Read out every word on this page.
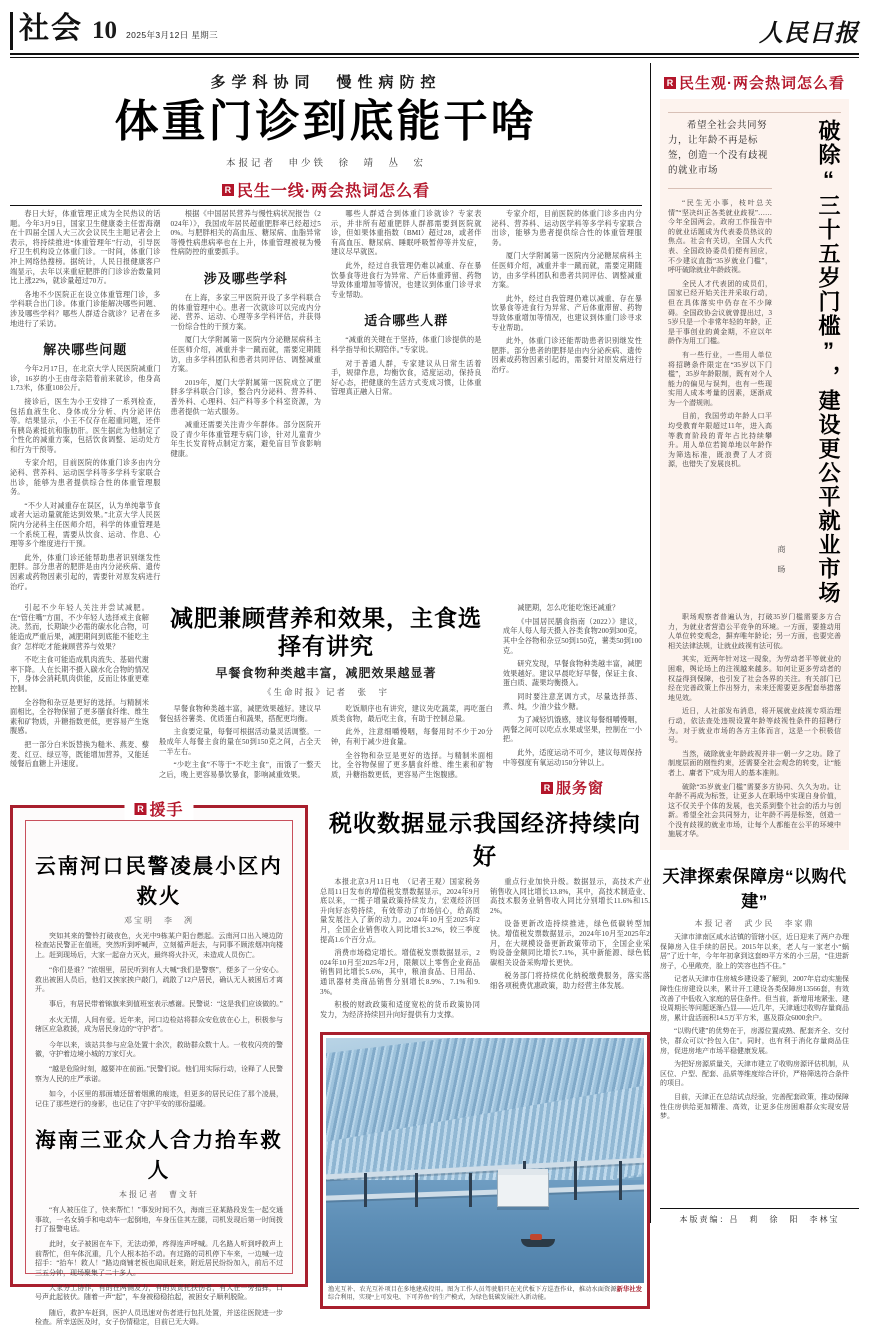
社会 10 2025年3月12日 星期三	人民日报
多学科协同　慢性病防控
体重门诊到底能干啥
本报记者　申少铁　徐　靖　丛　宏
R 民生一线·两会热词怎么看

春日大好，体重管理正成为全民热议的话题。今年3月9日，国家卫生健康委主任雷海潮在十四届全国人大三次会议民生主题记者会上表示，将持续推进“体重管理年”行动，引导医疗卫生机构设立体重门诊。一时间，体重门诊冲上网络热搜榜。据统计，人民日报健康客户端显示，去年以来重症肥胖的门诊诊治数量同比上涨22%，就诊量超过70万。

各地不少医院正在设立体重管理门诊，多学科联合出门诊。体重门诊能解决哪些问题、涉及哪些学科？哪些人群适合就诊？记者在多地进行了采访。

解决哪些问题

今年2月17日，在北京大学人民医院减重门诊，16岁的小王由母亲陪着前来就诊，他身高1.73米，体重108公斤。

接诊后，医生为小王安排了一系列检查，包括血液生化、身体成分分析、内分泌评估等。结果显示，小王不仅存在超重问题，还伴有胰岛素抵抗和脂肪肝。医生据此为他制定了个性化的减重方案，包括饮食调整、运动处方和行为干预等。

专家介绍，目前医院的体重门诊多由内分泌科、营养科、运动医学科等多学科专家联合出诊，能够为患者提供综合性的体重管理服务。

“不少人对减重存在误区，认为单纯靠节食或者大运动量就能达到效果。”北京大学人民医院内分泌科主任医师介绍，科学的体重管理是一个系统工程，需要从饮食、运动、作息、心理等多个维度进行干预。

此外，体重门诊还能帮助患者识别继发性肥胖。部分患者的肥胖是由内分泌疾病、遗传因素或药物因素引起的，需要针对原发病进行治疗。

根据《中国居民营养与慢性病状况报告（2024年）》，我国成年居民超重肥胖率已经超过50%。与肥胖相关的高血压、糖尿病、血脂异常等慢性病患病率也在上升，体重管理被视为慢性病防控的重要抓手。

涉及哪些学科

在上海，多家三甲医院开设了多学科联合的体重管理中心。患者一次就诊可以完成内分泌、营养、运动、心理等多学科评估，并获得一份综合性的干预方案。

厦门大学附属第一医院内分泌糖尿病科主任医师介绍，减重并非一蹴而就，需要定期随访，由多学科团队和患者共同评估、调整减重方案。

2019年，厦门大学附属第一医院成立了肥胖多学科联合门诊，整合内分泌科、营养科、普外科、心理科、妇产科等多个科室资源，为患者提供一站式服务。

减重还需要关注青少年群体。部分医院开设了青少年体重管理专病门诊，针对儿童青少年生长发育特点制定方案，避免盲目节食影响健康。

哪些人群适合到体重门诊就诊？专家表示，并非所有超重肥胖人群都需要到医院就诊，但如果体重指数（BMI）超过28，或者伴有高血压、糖尿病、睡眠呼吸暂停等并发症，建议尽早就医。

此外，经过自我管理仍难以减重、存在暴饮暴食等进食行为异常、产后体重滞留、药物导致体重增加等情况，也建议到体重门诊寻求专业帮助。

适合哪些人群

“减重的关键在于坚持，体重门诊提供的是科学指导和长期陪伴。”专家说。

对于普通人群，专家建议从日常生活着手，规律作息，均衡饮食，适度运动，保持良好心态，把健康的生活方式变成习惯，让体重管理真正融入日常。

专家介绍，目前医院的体重门诊多由内分泌科、营养科、运动医学科等多学科专家联合出诊，能够为患者提供综合性的体重管理服务。

厦门大学附属第一医院内分泌糖尿病科主任医师介绍，减重并非一蹴而就，需要定期随访，由多学科团队和患者共同评估、调整减重方案。

此外，经过自我管理仍难以减重、存在暴饮暴食等进食行为异常、产后体重滞留、药物导致体重增加等情况，也建议到体重门诊寻求专业帮助。

此外，体重门诊还能帮助患者识别继发性肥胖。部分患者的肥胖是由内分泌疾病、遗传因素或药物因素引起的，需要针对原发病进行治疗。

引起不少年轻人关注并尝试减肥。在“管住嘴”方面，不少年轻人选择戒主食解决。然而，长期缺少必需的碳水化合物，可能造成严重后果，减肥期间到底能不能吃主食？怎样吃才能兼顾营养与效果？

不吃主食可能造成肌肉流失、基础代谢率下降。人在长期不摄入碳水化合物的情况下，身体会消耗肌肉供能，反而让体重更难控制。

全谷物和杂豆是更好的选择。与精制米面相比，全谷物保留了更多膳食纤维、维生素和矿物质，升糖指数更低，更容易产生饱腹感。

把一部分白米饭替换为糙米、燕麦、藜麦、红豆、绿豆等，既能增加营养，又能延缓餐后血糖上升速度。

减肥兼顾营养和效果，主食选择有讲究
早餐食物种类越丰富，减肥效果越显著
《生命时报》记者　张　宇

早餐食物种类越丰富，减肥效果越好。建议早餐包括谷薯类、优质蛋白和蔬果，搭配更均衡。

主食要定量，每餐可根据活动量灵活调整。一般成年人每餐主食的量在50到150克之间，占全天一半左右。

“少吃主食”不等于“不吃主食”，而饿了一整天之后，晚上更容易暴饮暴食，影响减重效果。

吃饭顺序也有讲究，建议先吃蔬菜，再吃蛋白质类食物，最后吃主食，有助于控制总量。

此外，注意细嚼慢咽，每餐用时不少于20分钟，有利于减少进食量。

全谷物和杂豆是更好的选择。与精制米面相比，全谷物保留了更多膳食纤维、维生素和矿物质，升糖指数更低，更容易产生饱腹感。

减肥期，怎么吃能吃饱还减重？

《中国居民膳食指南（2022）》建议，成年人每人每天摄入谷类食物200到300克，其中全谷物和杂豆50到150克，薯类50到100克。

研究发现，早餐食物种类越丰富，减肥效果越好。建议早晨吃好早餐，保证主食、蛋白质、蔬果均衡摄入。

同时要注意烹调方式，尽量选择蒸、煮、炖，少油少盐少糖。

为了减轻饥饿感，建议每餐细嚼慢咽，两餐之间可以吃点水果或坚果，控制在一小把。

此外，适度运动不可少，建议每周保持中等强度有氧运动150分钟以上。

R 服务窗
R 援手
云南河口民警凌晨小区内救火
邓宝明　李　冽

突如其来的警铃打破夜色，火光中9栋某户阳台燃起。云南河口出入境边防检查站民警正在值班，突然听到呼喊声，立刻循声赶去，与同事不顾浓烟冲向楼上。赶到现场后，大家一起奋力灭火，最终将火扑灭，未造成人员伤亡。

“你们是谁？”浓烟里，居民听到有人大喊“我们是警察”，便多了一分安心。救出被困人员后，他们又挨家挨户敲门，疏散了12户居民，确认无人被困后才离开。

事后，有居民带着锦旗来到值班室表示感谢。民警说：“这是我们应该做的。”

水火无情，人间有爱。近年来，河口边检站将群众安危放在心上，积极参与辖区应急救援，成为居民身边的“守护者”。

今年以来，该站共参与应急处置十余次，救助群众数十人。一枚枚闪亮的警徽，守护着边境小城的万家灯火。

“越是危险时刻，越要冲在前面。”民警们说。他们用实际行动，诠释了人民警察为人民的庄严承诺。

如今，小区里的那面墙还留着烟熏的痕迹，但更多的居民记住了那个凌晨，记住了那些逆行的身影，也记住了守护平安的那份温暖。

海南三亚众人合力抬车救人
本报记者　曹文轩

“有人被压住了，快来帮忙！”事发时间不久，海南三亚某路段发生一起交通事故，一名女骑手和电动车一起倒地，车身压住其左腿，司机发现后第一时间拨打了报警电话。

此时，女子被困在车下，无法动弹，疼得连声呼喊。几名路人听到呼救声上前帮忙，但车体沉重，几个人根本抬不动。有过路的司机停下车来，一边喊一边招手：“抬车！救人！”路边商铺老板也闻讯赶来，附近居民纷纷加入，前后不过三五分钟，现场聚集了二十多人。

大家分工协作，有的在两侧发力，有的负责托扶伤者，有人在一旁指挥，口号声此起彼伏。随着一声“起”，车身被稳稳抬起，被困女子顺利脱险。

随后，救护车赶到，医护人员迅速对伤者进行包扎处置，并送往医院进一步检查。所幸送医及时，女子伤情稳定，目前已无大碍。

税收数据显示我国经济持续向好

本报北京3月11日电　（记者王观）国家税务总局11日发布的增值税发票数据显示，2024年9月底以来，一揽子增量政策持续发力，宏观经济回升向好态势持续，有效带动了市场信心，给高质量发展注入了新的动力。2024年10月至2025年2月，全国企业销售收入同比增长3.2%，较三季度提高1.6个百分点。

消费市场稳定增长。增值税发票数据显示，2024年10月至2025年2月，限额以上零售企业商品销售同比增长5.6%，其中，粮油食品、日用品、通讯器材类商品销售分别增长8.9%、7.1%和9.3%。

积极的财政政策和适度宽松的货币政策协同发力，为经济持续回升向好提供有力支撑。

重点行业加快升级。数据显示，高技术产业销售收入同比增长13.8%，其中，高技术制造业、高技术服务业销售收入同比分别增长11.6%和15.2%。

设备更新改造持续推进，绿色低碳转型加快。增值税发票数据显示，2024年10月至2025年2月，在大规模设备更新政策带动下，全国企业采购设备金额同比增长7.1%，其中新能源、绿色低碳相关设备采购增长更快。

税务部门将持续优化纳税缴费服务，落实落细各项税费优惠政策，助力经营主体发展。

新华社发
渔光互补、农光互补项目在多地建成投用。图为工作人员驾驶船只在光伏板下方巡查作业，推动水面资源综合利用，实现“上可发电、下可养鱼”的生产模式，为绿色低碳发展注入新动能。
R 民生观·两会热词怎么看
希望全社会共同努力，让年龄不再是标签，创造一个没有歧视的就业市场

“民生无小事，枝叶总关情”“坚决纠正各类就业歧视”……今年全国两会，政府工作报告中的就业话题成为代表委员热议的焦点。社会有关切，全国人大代表、全国政协委员们便有回应，不少建议直指“35岁就业门槛”，呼吁破除就业年龄歧视。

全民人才代表团的成员们，国家已经开始关注并采取行动，但在具体落实中仍存在不少障碍。全国政协会议就曾提出过，35岁只是一个非常年轻的年龄，正是干事创业的黄金期，不应以年龄作为用工门槛。

有一些行业，一些用人单位将招聘条件限定在“35岁以下门槛”，35岁年龄限制，既有对个人能力的偏见与误判，也有一些现实用人成本考量的因素，逐渐成为一个潜规则。

目前，我国劳动年龄人口平均受教育年限超过11年，进入高等教育阶段的青年占比持续攀升。用人单位若简单地以年龄作为筛选标准，既浪费了人才资源，也错失了发展良机。

商　旸 破除“三十五岁门槛”，建设更公平就业市场

职场观察者普遍认为，打破35岁门槛需要多方合力，为就业者营造公平竞争的环境。一方面，要推动用人单位转变观念，摒弃唯年龄论；另一方面，也要完善相关法律法规，让就业歧视有法可依。

其实，近两年针对这一现象，为劳动者平等就业的困难，舆论场上的注视越来越多。如何让更多劳动者的权益得到保障，也引发了社会各界的关注。有关部门已经在完善政策上作出努力，未来还需要更多配套举措落地见效。

近日，人社部发布消息，将开展就业歧视专项治理行动，依法查处违规设置年龄等歧视性条件的招聘行为。对于就业市场的各方主体而言，这是一个积极信号。

当然，破除就业年龄歧视并非一朝一夕之功。除了制度层面的刚性约束，还需要全社会观念的转变，让“能者上、庸者下”成为用人的基本准则。

破除“35岁就业门槛”需要多方协同、久久为功。让年龄不再成为标签，让更多人在职场中实现自身价值，这不仅关乎个体的发展，也关系到整个社会的活力与创新。希望全社会共同努力，让年龄不再是标签，创造一个没有歧视的就业市场，让每个人都能在公平的环境中施展才华。

天津探索保障房“以购代建”
本报记者　武少民　李家鼎

天津市津南区咸水沽镇的管辖小区，近日迎来了两户办理保障房入住手续的居民。2015年以来，老人与一家老小“蜗居”了近十年，今年年初拿到这套89平方米的小三居，“住进新房子，心里敞亮，脸上的笑容也挡不住。”

记者从天津市住房城乡建设委了解到，2007年启动实施保障性住房建设以来，累计开工建设各类保障房13566套，有效改善了中低收入家庭的居住条件。但当前，新增用地紧张、建设周期长等问题逐渐凸显——近几年，天津通过收购存量商品房，累计盘活面积14.5万平方米，惠及群众6000余户。

“以购代建”的优势在于，房源位置成熟、配套齐全、交付快，群众可以“拎包入住”。同时，也有利于消化存量商品住房，促进房地产市场平稳健康发展。

为把好房源质量关，天津市建立了收购房源评估机制，从区位、户型、配套、品质等维度综合评价，严格筛选符合条件的项目。

目前，天津正在总结试点经验，完善配套政策，推动保障性住房供给更加精准、高效，让更多住房困难群众实现安居梦。

本版责编：吕　莉　徐　阳　李林宝
